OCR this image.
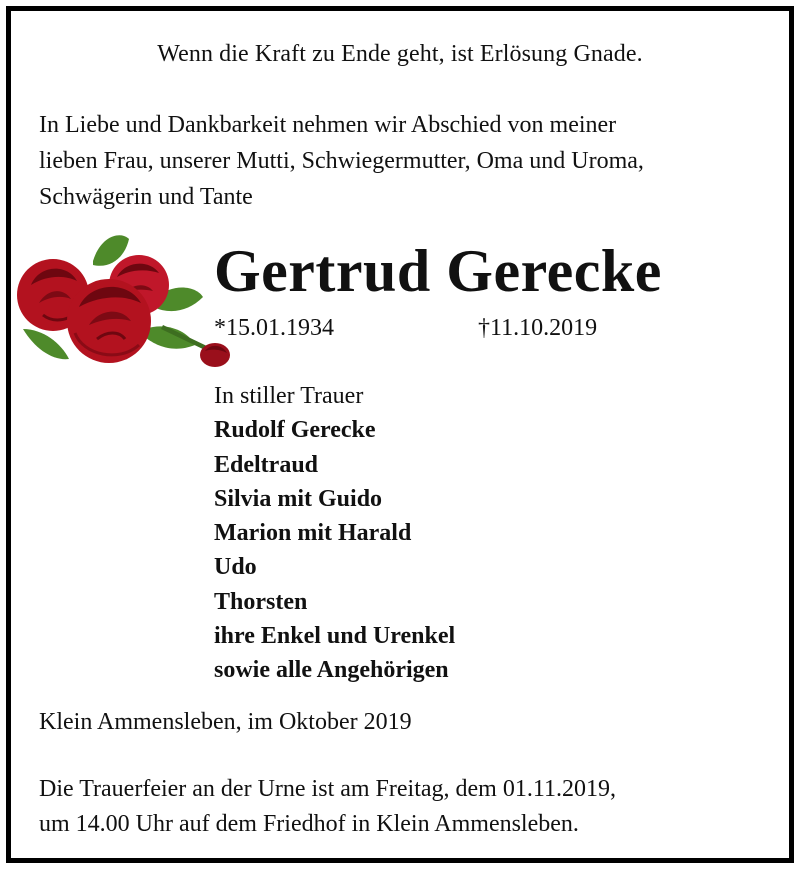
Wenn die Kraft zu Ende geht, ist Erlösung Gnade.
In Liebe und Dankbarkeit nehmen wir Abschied von meiner
lieben Frau, unserer Mutti, Schwiegermutter, Oma und Uroma,
Schwägerin und Tante
Gertrud Gerecke
*15.01.1934	†11.10.2019
In stiller Trauer
Rudolf Gerecke
Edeltraud
Silvia mit Guido
Marion mit Harald
Udo
Thorsten
ihre Enkel und Urenkel
sowie alle Angehörigen
Klein Ammensleben, im Oktober 2019
Die Trauerfeier an der Urne ist am Freitag, dem 01.11.2019,
um 14.00 Uhr auf dem Friedhof in Klein Ammensleben.
